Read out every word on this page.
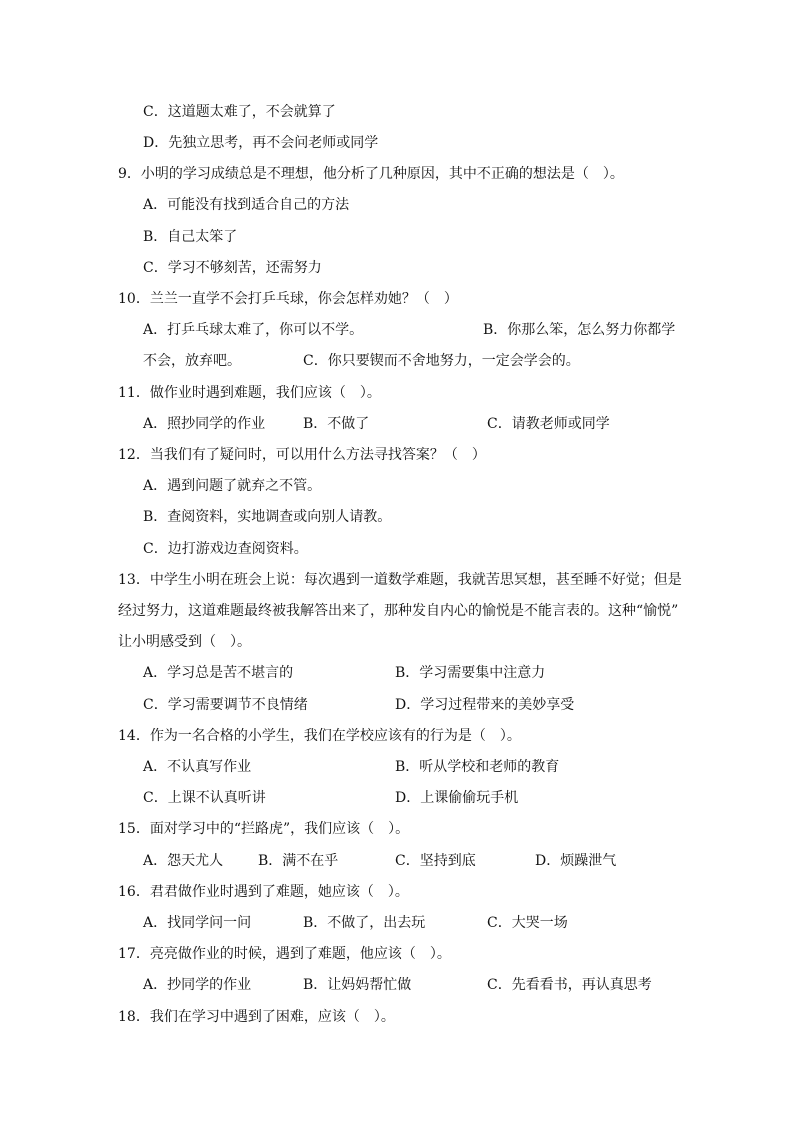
C．这道题太难了，不会就算了
D．先独立思考，再不会问老师或同学
9．小明的学习成绩总是不理想，他分析了几种原因，其中不正确的想法是（　）。
A．可能没有找到适合自己的方法
B．自己太笨了
C．学习不够刻苦，还需努力
10．兰兰一直学不会打乒乓球，你会怎样劝她？（　）
A．打乒乓球太难了，你可以不学。	B．你那么笨，怎么努力你都学
不会，放弃吧。	C．你只要锲而不舍地努力，一定会学会的。
11．做作业时遇到难题，我们应该（　）。
A．照抄同学的作业	B．不做了	C．请教老师或同学
12．当我们有了疑问时，可以用什么方法寻找答案？（　）
A．遇到问题了就弃之不管。
B．查阅资料，实地调查或向别人请教。
C．边打游戏边查阅资料。
13．中学生小明在班会上说：每次遇到一道数学难题，我就苦思冥想，甚至睡不好觉；但是
经过努力，这道难题最终被我解答出来了，那种发自内心的愉悦是不能言表的。这种“愉悦”
让小明感受到（　）。
A．学习总是苦不堪言的	B．学习需要集中注意力
C．学习需要调节不良情绪	D．学习过程带来的美妙享受
14．作为一名合格的小学生，我们在学校应该有的行为是（　）。
A．不认真写作业	B．听从学校和老师的教育
C．上课不认真听讲	D．上课偷偷玩手机
15．面对学习中的“拦路虎”，我们应该（　）。
A．怨天尤人 B．满不在乎	C．坚持到底	D．烦躁泄气
16．君君做作业时遇到了难题，她应该（　）。
A．找同学问一问	B．不做了，出去玩	C．大哭一场
17．亮亮做作业的时候，遇到了难题，他应该（　）。
A．抄同学的作业	B．让妈妈帮忙做	C．先看看书，再认真思考
18．我们在学习中遇到了困难，应该（　）。
